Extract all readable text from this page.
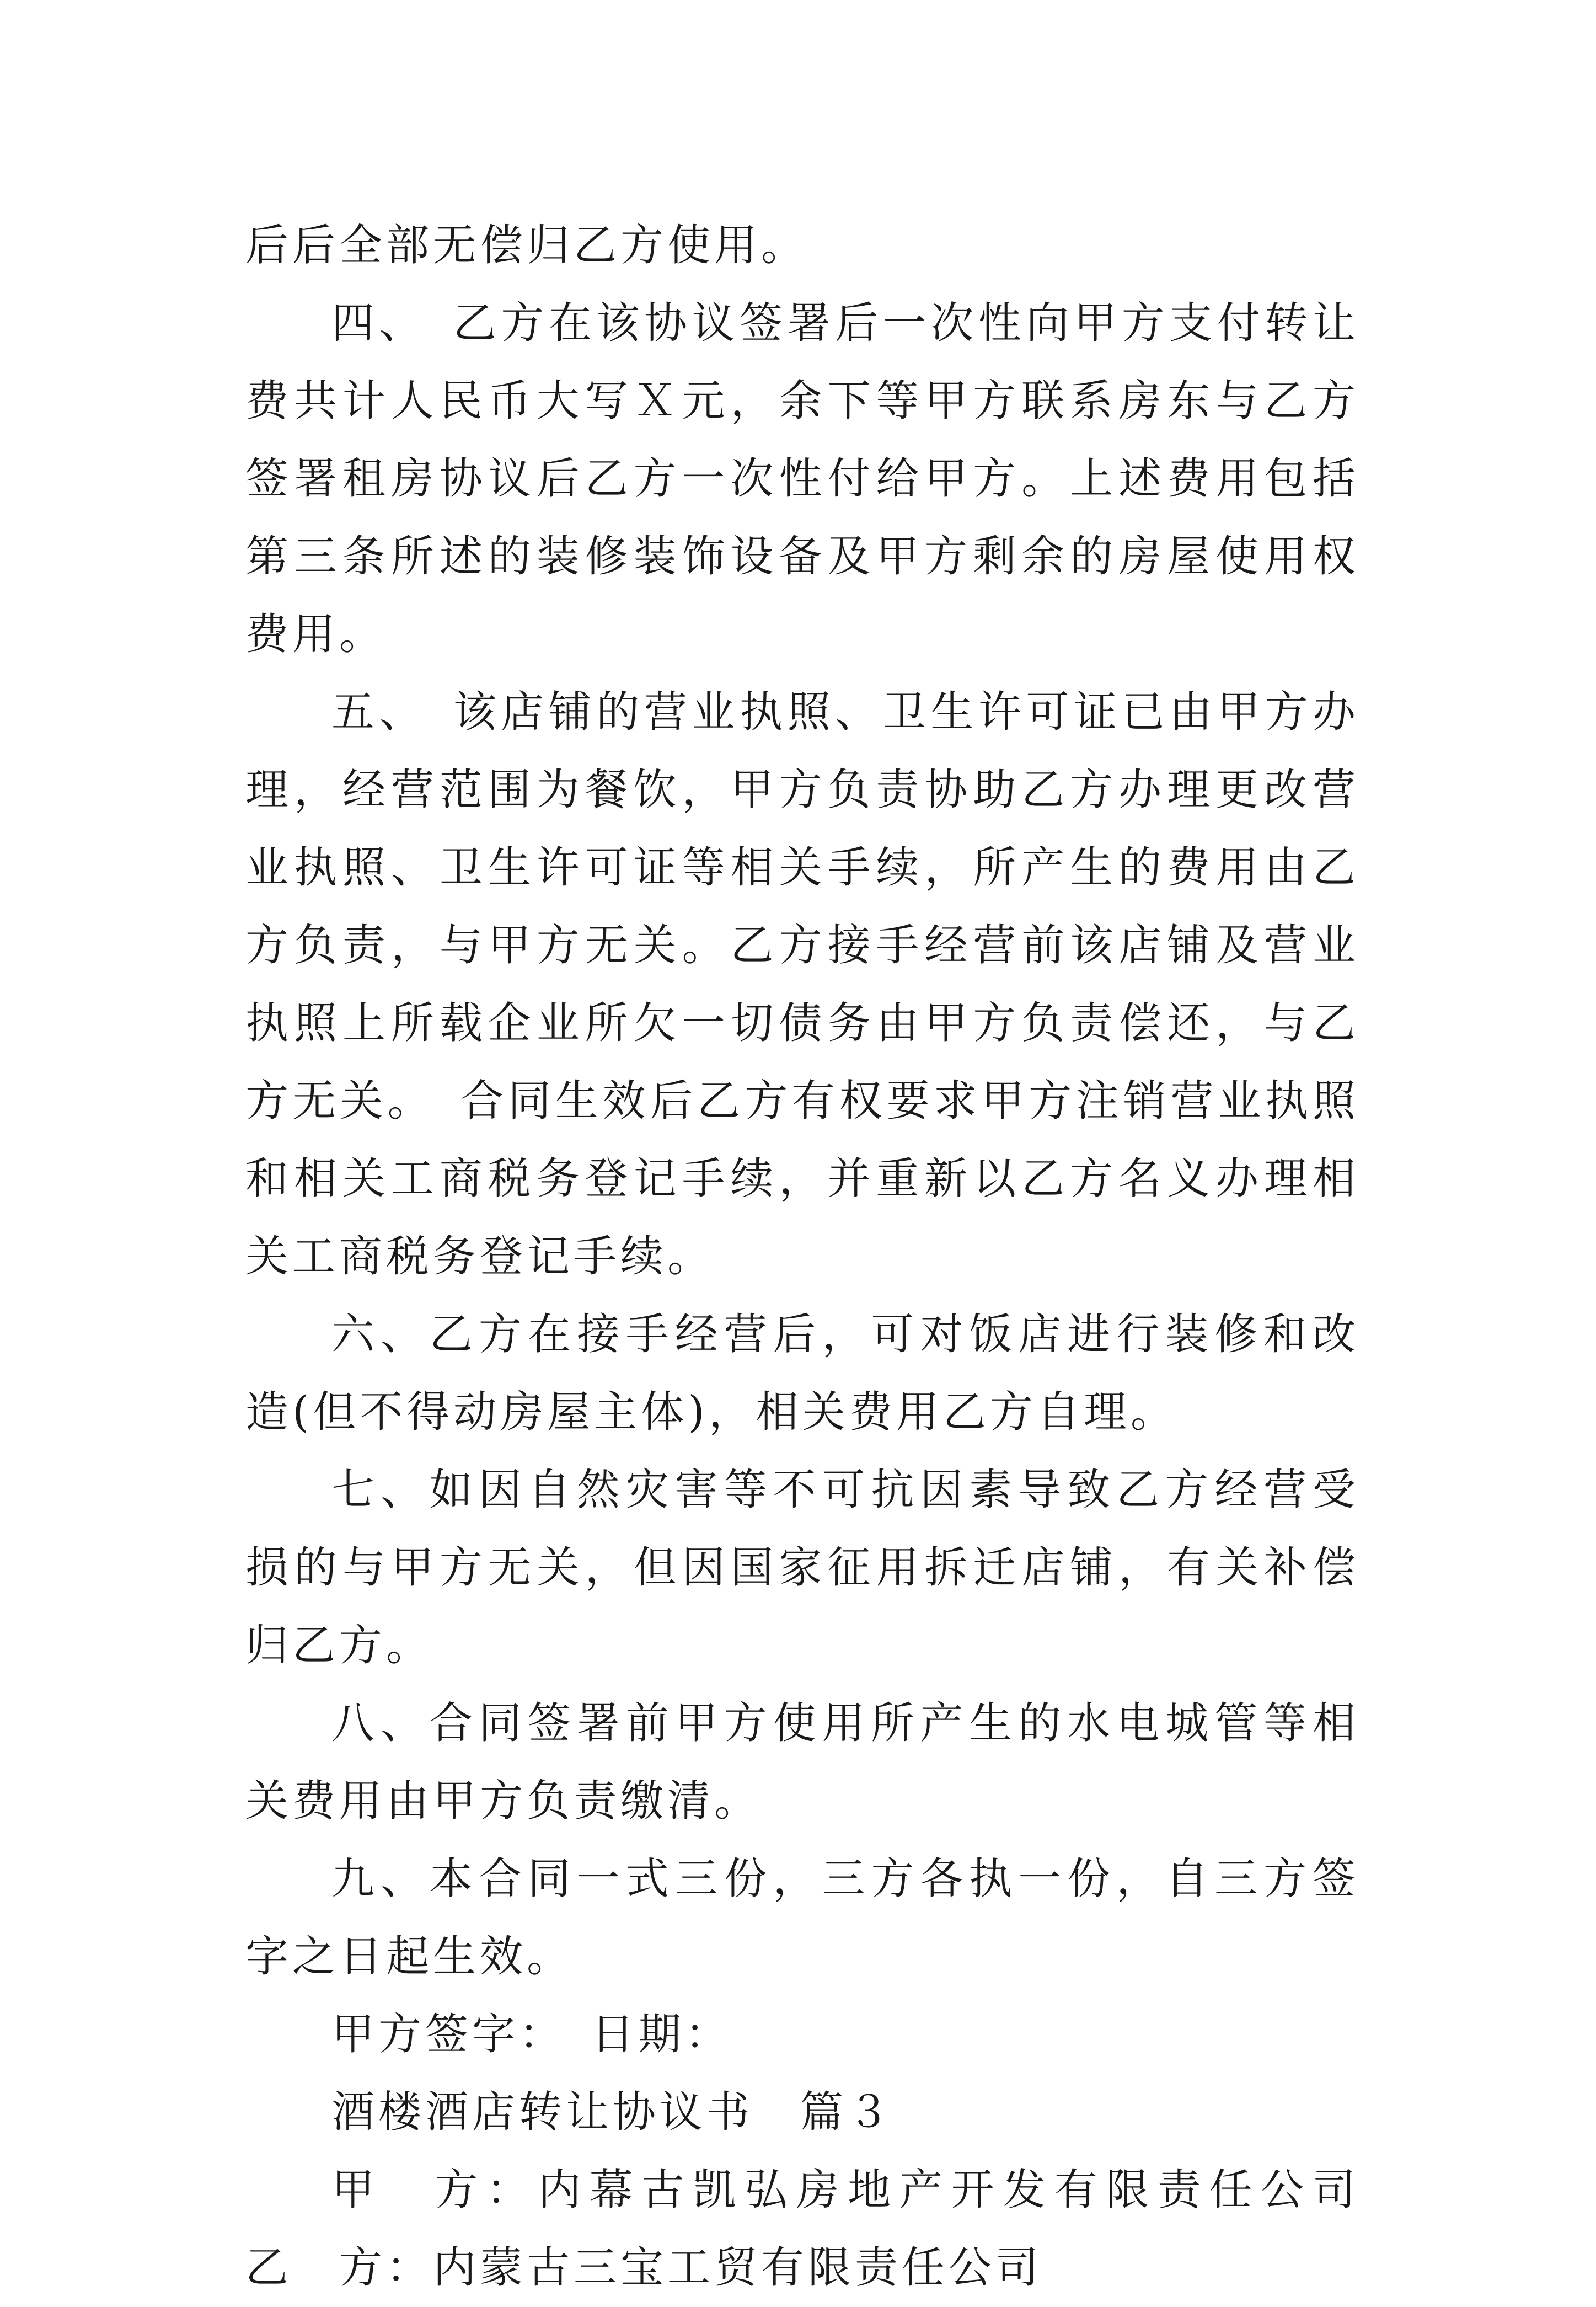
后后全部无偿归乙方使用。

四、　乙方在该协议签署后一次性向甲方支付转让费共计人民币大写Ｘ元，余下等甲方联系房东与乙方签署租房协议后乙方一次性付给甲方。上述费用包括第三条所述的装修装饰设备及甲方剩余的房屋使用权费用。

五、　该店铺的营业执照、卫生许可证已由甲方办理，经营范围为餐饮，甲方负责协助乙方办理更改营业执照、卫生许可证等相关手续，所产生的费用由乙方负责，与甲方无关。乙方接手经营前该店铺及营业执照上所载企业所欠一切债务由甲方负责偿还，与乙方无关。　合同生效后乙方有权要求甲方注销营业执照和相关工商税务登记手续，并重新以乙方名义办理相关工商税务登记手续。

六、乙方在接手经营后，可对饭店进行装修和改造(但不得动房屋主体)，相关费用乙方自理。

七、如因自然灾害等不可抗因素导致乙方经营受损的与甲方无关，但因国家征用拆迁店铺，有关补偿归乙方。

八、合同签署前甲方使用所产生的水电城管等相关费用由甲方负责缴清。

九、本合同一式三份，三方各执一份，自三方签字之日起生效。

甲方签字：　日期：

酒楼酒店转让协议书　篇３

甲　方：内幕古凯弘房地产开发有限责任公司　乙　方：内蒙古三宝工贸有限责任公司
